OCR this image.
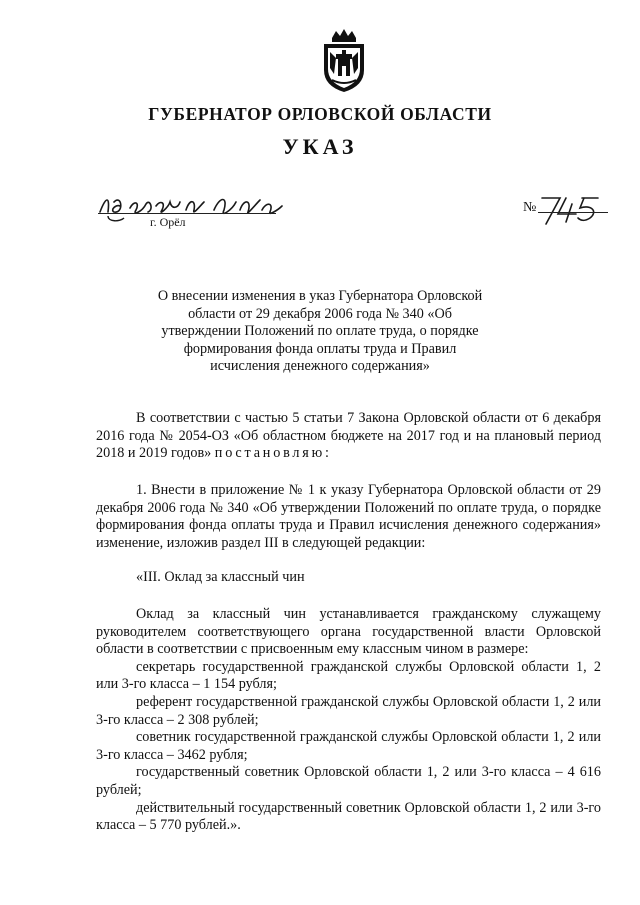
ГУБЕРНАТОР ОРЛОВСКОЙ ОБЛАСТИ
УКАЗ
г. Орёл
№
О внесении изменения в указ Губернатора Орловской области от 29 декабря 2006 года № 340 «Об утверждении Положений по оплате труда, о порядке формирования фонда оплаты труда и Правил исчисления денежного содержания»

В соответствии с частью 5 статьи 7 Закона Орловской области от 6 декабря 2016 года № 2054-ОЗ «Об областном бюджете на 2017 год и на плановый период 2018 и 2019 годов» постановляю:

1. Внести в приложение № 1 к указу Губернатора Орловской области от 29 декабря 2006 года № 340 «Об утверждении Положений по оплате труда, о порядке формирования фонда оплаты труда и Правил исчисления денежного содержания» изменение, изложив раздел III в следующей редакции:

«III. Оклад за классный чин

Оклад за классный чин устанавливается гражданскому служащему руководителем соответствующего органа государственной власти Орловской области в соответствии с присвоенным ему классным чином в размере:

секретарь государственной гражданской службы Орловской области 1, 2 или 3-го класса – 1 154 рубля;

референт государственной гражданской службы Орловской области 1, 2 или 3-го класса – 2 308 рублей;

советник государственной гражданской службы Орловской области 1, 2 или 3-го класса – 3462 рубля;

государственный советник Орловской области 1, 2 или 3-го класса – 4 616 рублей;

действительный государственный советник Орловской области 1, 2 или 3-го класса – 5 770 рублей.».
